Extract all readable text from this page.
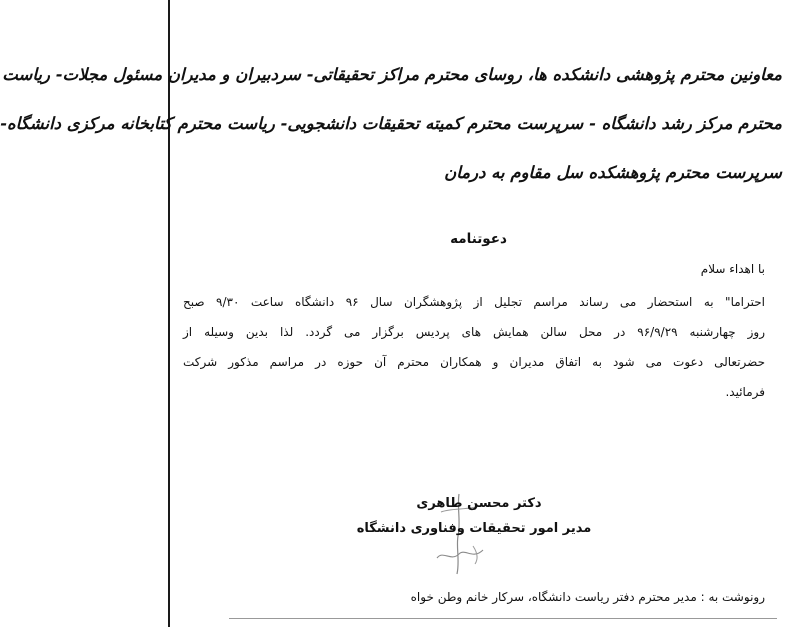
معاونین محترم پژوهشی دانشکده ها، روسای محترم مراکز تحقیقاتی- سردبیران و مدیران مسئول مجلات- ریاست
محترم مرکز رشد دانشگاه - سرپرست محترم کمیته تحقیقات دانشجویی- ریاست محترم کتابخانه مرکزی دانشگاه-
سرپرست محترم پژوهشکده سل مقاوم به درمان
دعوتنامه
با اهداء سلام
احتراما" به استحضار می رساند مراسم تجلیل از پژوهشگران سال ۹۶ دانشگاه ساعت ۹/۳۰ صبح
روز چهارشنبه ۹۶/۹/۲۹ در محل سالن همایش های پردیس برگزار می گردد. لذا بدین وسیله از
حضرتعالی دعوت می شود به اتفاق مدیران و همکاران محترم آن حوزه در مراسم مذکور شرکت
فرمائید.
دکتر محسن طاهری
مدیر امور تحقیقات وفناوری دانشگاه
رونوشت به : مدیر محترم دفتر ریاست دانشگاه، سرکار خانم وطن خواه
